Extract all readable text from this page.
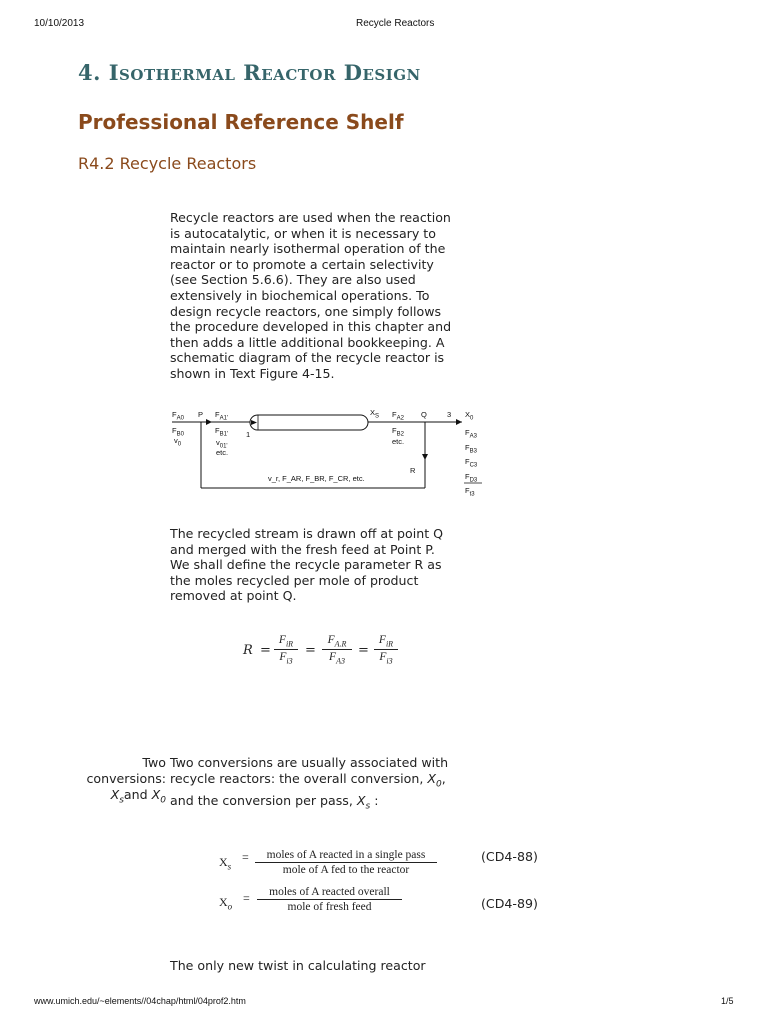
10/10/2013	Recycle Reactors
4. Isothermal Reactor Design
Professional Reference Shelf
R4.2 Recycle Reactors
Recycle reactors are used when the reaction
is autocatalytic, or when it is necessary to
maintain nearly isothermal operation of the
reactor or to promote a certain selectivity
(see Section 5.6.6). They are also used
extensively in biochemical operations. To
design recycle reactors, one simply follows
the procedure developed in this chapter and
then adds a little additional bookkeeping. A
schematic diagram of the recycle reactor is
shown in Text Figure 4-15.
$F_{A0}$ P $F_{A1'}$
$F_{B0}$
$v_0$
$F_{B1'}$ 1
$v_{01'}$
etc.
$X_S$ $F_{A2}$ Q	3
$F_{B2}$
etc.
R
$X_0$
$F_{A3}$
$F_{B3}$
$F_{C3}$
$F_{D3}$
$F_{t3}$
v_r, F_AR, F_BR, F_CR, etc.
The recycled stream is drawn off at point Q
and merged with the fresh feed at Point P.
We shall define the recycle parameter R as
the moles recycled per mole of product
removed at point Q.
R =
$F_{iR}$
$F_{i3}$
=
$F_{A.R}$
$F_{A3}$
=
$F_{iR}$
$F_{i3}$
Two
conversions:
$X_sand$ $X_0$
Two conversions are usually associated with
recycle reactors: the overall conversion, $X_0$,
and the conversion per pass, $X_s$ :
$X_s$
=	moles of A reacted in a single pass
mole of A fed to the reactor
(CD4-88)
$X_o$
=	moles of A reacted overall
mole of fresh feed	(CD4-89)
The only new twist in calculating reactor
www.umich.edu/~elements//04chap/html/04prof2.htm	1/5
